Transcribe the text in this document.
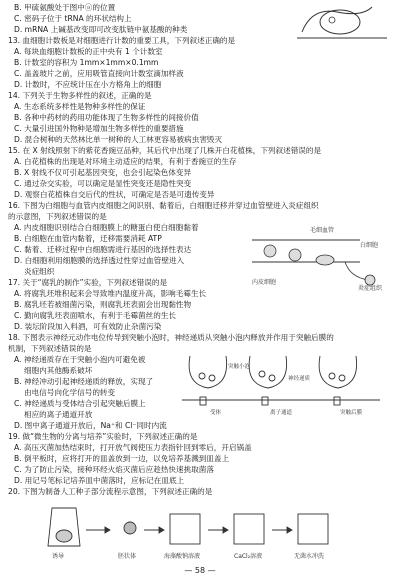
B. 甲硫氨酸处于图中ⓐ的位置
C. 密码子位于 tRNA 的环状结构上
D. mRNA 上碱基改变即可改变肽链中氨基酸的种类
13. 血细胞计数板是对细胞进行计数的重要工具，下列叙述正确的是
A. 每块血细胞计数板的正中央有 1 个计数室
B. 计数室的容积为 1mm×1mm×0.1mm
C. 盖盖玻片之前，应用吸管直接向计数室滴加样液
D. 计数时，不应统计压在小方格角上的细胞
14. 下列关于生物多样性的叙述，正确的是
A. 生态系统多样性是物种多样性的保证
B. 各种中药材的药用功能体现了生物多样性的间接价值
C. 大量引进国外物种是增加生物多样性的重要措施
D. 混合树种的天然林比单一树种的人工林更容易被病虫害毁灭
15. 在 X 射线照射下的紫花香豌豆品种，其后代中出现了几株开白花植株，下列叙述错误的是
A. 白花植株的出现是对环境主动适应的结果，有利于香豌豆的生存
B. X 射线不仅可引起基因突变，也会引起染色体变异
C. 通过杂交实验，可以确定是显性突变还是隐性突变
D. 观察白花植株自交后代的性状，可确定是否是可遗传变异
16. 下图为白细胞与血管内皮细胞之间识别、黏着后，白细胞迁移并穿过血管壁进入炎症组织
的示意图，下列叙述错误的是
A. 内皮细胞识别结合白细胞膜上的糖蛋白使白细胞黏着
B. 白细胞在血管内黏着，迁移需要消耗 ATP
C. 黏着、迁移过程中白细胞需进行基因的选择性表达
D. 白细胞利用细胞膜的选择透过性穿过血管壁进入
炎症组织
毛细血管
白细胞
内皮细胞
炎症组织
17. 关于“腐乳的制作”实验，下列叙述错误的是
A. 将腐乳坯堆积起来会导致堆内温度升高，影响毛霉生长
B. 腐乳坯若被细菌污染，则腐乳坯表面会出现黏性物
C. 勤向腐乳坯表面喷水，有利于毛霉菌丝的生长
D. 装坛阶段加入料酒，可有效防止杂菌污染
18. 下图表示神经元动作电位传导到突触小泡时，神经递质从突触小泡内释放并作用于突触后膜的
机制，下列叙述错误的是
A. 神经递质存在于突触小泡内可避免被
细胞内其他酶系破坏
B. 神经冲动引起神经递质的释放，实现了
由电信号向化学信号的转变
C. 神经递质与受体结合引起突触后膜上
相应的离子通道开放
D. 图中离子通道开放后，Na⁺和 Cl⁻同时内流
突触小泡
神经递质
受体	离子通道	突触后膜
19. 做“微生物的分离与培养”实验时，下列叙述正确的是
A. 高压灭菌加热结束时，打开放气阀使压力表指针回到零后，开启锅盖
B. 倒平板时，应将打开的皿盖放到一边，以免培养基溅到皿盖上
C. 为了防止污染，接种环经火焰灭菌后应趁热快速挑取菌落
D. 用记号笔标记培养皿中菌落时，应标记在皿底上
20. 下图为制备人工种子部分流程示意图，下列叙述正确的是
诱导	胚状体	海藻酸钠溶液	CaCl₂溶液	无菌水冲洗
— 58 —
